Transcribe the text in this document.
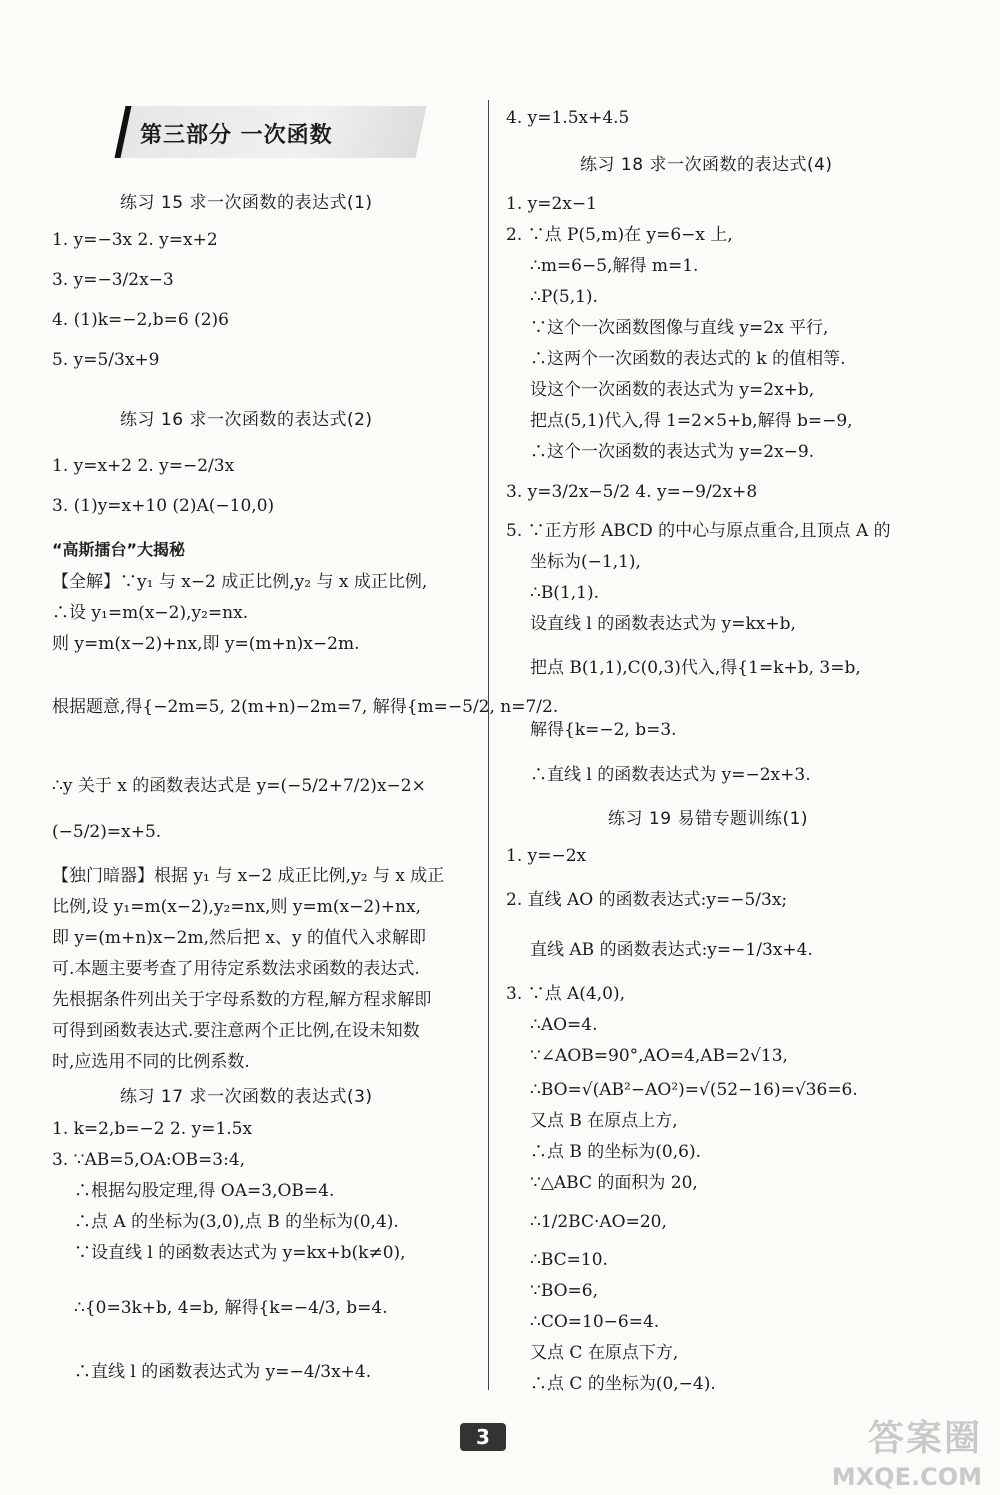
第三部分 一次函数
练习 15 求一次函数的表达式(1)
1. y=−3x 2. y=x+2
3. y=−3/2x−3
4. (1)k=−2,b=6 (2)6
5. y=5/3x+9
练习 16 求一次函数的表达式(2)
1. y=x+2 2. y=−2/3x
3. (1)y=x+10 (2)A(−10,0)
“高斯擂台”大揭秘
【全解】∵y₁ 与 x−2 成正比例,y₂ 与 x 成正比例,
∴设 y₁=m(x−2),y₂=nx.
则 y=m(x−2)+nx,即 y=(m+n)x−2m.
根据题意,得{−2m=5, 2(m+n)−2m=7, 解得{m=−5/2, n=7/2.
∴y 关于 x 的函数表达式是 y=(−5/2+7/2)x−2×
(−5/2)=x+5.
【独门暗器】根据 y₁ 与 x−2 成正比例,y₂ 与 x 成正
比例,设 y₁=m(x−2),y₂=nx,则 y=m(x−2)+nx,
即 y=(m+n)x−2m,然后把 x、y 的值代入求解即
可.本题主要考查了用待定系数法求函数的表达式.
先根据条件列出关于字母系数的方程,解方程求解即
可得到函数表达式.要注意两个正比例,在设未知数
时,应选用不同的比例系数.
练习 17 求一次函数的表达式(3)
1. k=2,b=−2 2. y=1.5x
3. ∵AB=5,OA:OB=3:4,
∴根据勾股定理,得 OA=3,OB=4.
∴点 A 的坐标为(3,0),点 B 的坐标为(0,4).
∵设直线 l 的函数表达式为 y=kx+b(k≠0),
∴{0=3k+b, 4=b, 解得{k=−4/3, b=4.
∴直线 l 的函数表达式为 y=−4/3x+4.
4. y=1.5x+4.5
练习 18 求一次函数的表达式(4)
1. y=2x−1
2. ∵点 P(5,m)在 y=6−x 上,
∴m=6−5,解得 m=1.
∴P(5,1).
∵这个一次函数图像与直线 y=2x 平行,
∴这两个一次函数的表达式的 k 的值相等.
设这个一次函数的表达式为 y=2x+b,
把点(5,1)代入,得 1=2×5+b,解得 b=−9,
∴这个一次函数的表达式为 y=2x−9.
3. y=3/2x−5/2 4. y=−9/2x+8
5. ∵正方形 ABCD 的中心与原点重合,且顶点 A 的
坐标为(−1,1),
∴B(1,1).
设直线 l 的函数表达式为 y=kx+b,
把点 B(1,1),C(0,3)代入,得{1=k+b, 3=b,
解得{k=−2, b=3.
∴直线 l 的函数表达式为 y=−2x+3.
练习 19 易错专题训练(1)
1. y=−2x
2. 直线 AO 的函数表达式:y=−5/3x;
直线 AB 的函数表达式:y=−1/3x+4.
3. ∵点 A(4,0),
∴AO=4.
∵∠AOB=90°,AO=4,AB=2√13,
∴BO=√(AB²−AO²)=√(52−16)=√36=6.
又点 B 在原点上方,
∴点 B 的坐标为(0,6).
∵△ABC 的面积为 20,
∴1/2BC·AO=20,
∴BC=10.
∵BO=6,
∴CO=10−6=4.
又点 C 在原点下方,
∴点 C 的坐标为(0,−4).
3	答案圈
MXQE.COM
